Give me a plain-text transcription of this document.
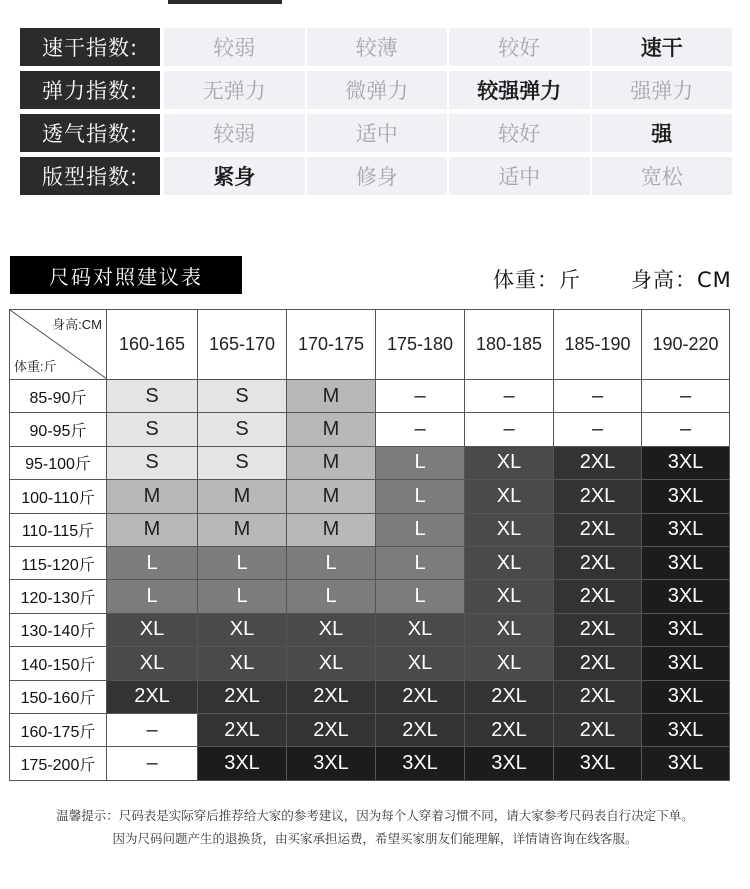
速干指数:	较弱	较薄	较好	速干
弹力指数:	无弹力	微弹力	较强弹力	强弹力
透气指数:	较弱	适中	较好	强
版型指数:	紧身	修身	适中	宽松
尺码对照建议表	体重：斤 身高：CM
身高:CM
体重:斤	160-165	165-170	170-175	175-180	180-185	185-190	190-220
85-90斤	S	S	M	–	–	–	–
90-95斤	S	S	M	–	–	–	–
95-100斤	S	S	M	L	XL	2XL	3XL
100-110斤	M	M	M	L	XL	2XL	3XL
110-115斤	M	M	M	L	XL	2XL	3XL
115-120斤	L	L	L	L	XL	2XL	3XL
120-130斤	L	L	L	L	XL	2XL	3XL
130-140斤	XL	XL	XL	XL	XL	2XL	3XL
140-150斤	XL	XL	XL	XL	XL	2XL	3XL
150-160斤	2XL	2XL	2XL	2XL	2XL	2XL	3XL
160-175斤	–	2XL	2XL	2XL	2XL	2XL	3XL
175-200斤	–	3XL	3XL	3XL	3XL	3XL	3XL
温馨提示：尺码表是实际穿后推荐给大家的参考建议，因为每个人穿着习惯不同，请大家参考尺码表自行决定下单。
因为尺码问题产生的退换货，由买家承担运费，希望买家朋友们能理解，详情请咨询在线客服。
